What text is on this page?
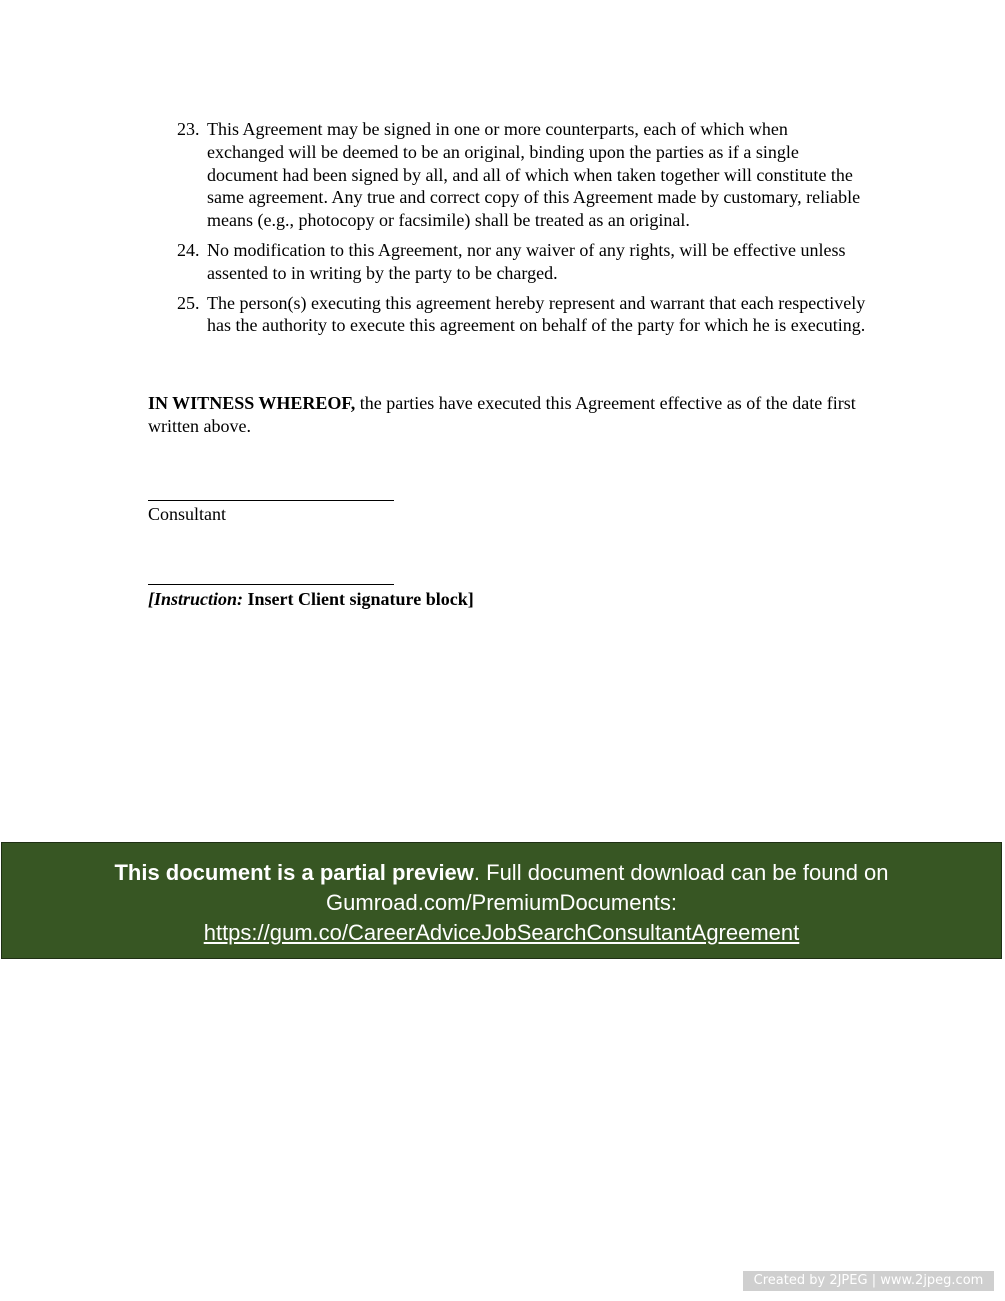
23. This Agreement may be signed in one or more counterparts, each of which when exchanged will be deemed to be an original, binding upon the parties as if a single document had been signed by all, and all of which when taken together will constitute the same agreement. Any true and correct copy of this Agreement made by customary, reliable means (e.g., photocopy or facsimile) shall be treated as an original.
24. No modification to this Agreement, nor any waiver of any rights, will be effective unless assented to in writing by the party to be charged.
25. The person(s) executing this agreement hereby represent and warrant that each respectively has the authority to execute this agreement on behalf of the party for which he is executing.

IN WITNESS WHEREOF, the parties have executed this Agreement effective as of the date first written above.

Consultant

[Instruction: Insert Client signature block]

This document is a partial preview. Full document download can be found on Gumroad.com/PremiumDocuments:
https://gum.co/CareerAdviceJobSearchConsultantAgreement
Created by 2JPEG | www.2jpeg.com
